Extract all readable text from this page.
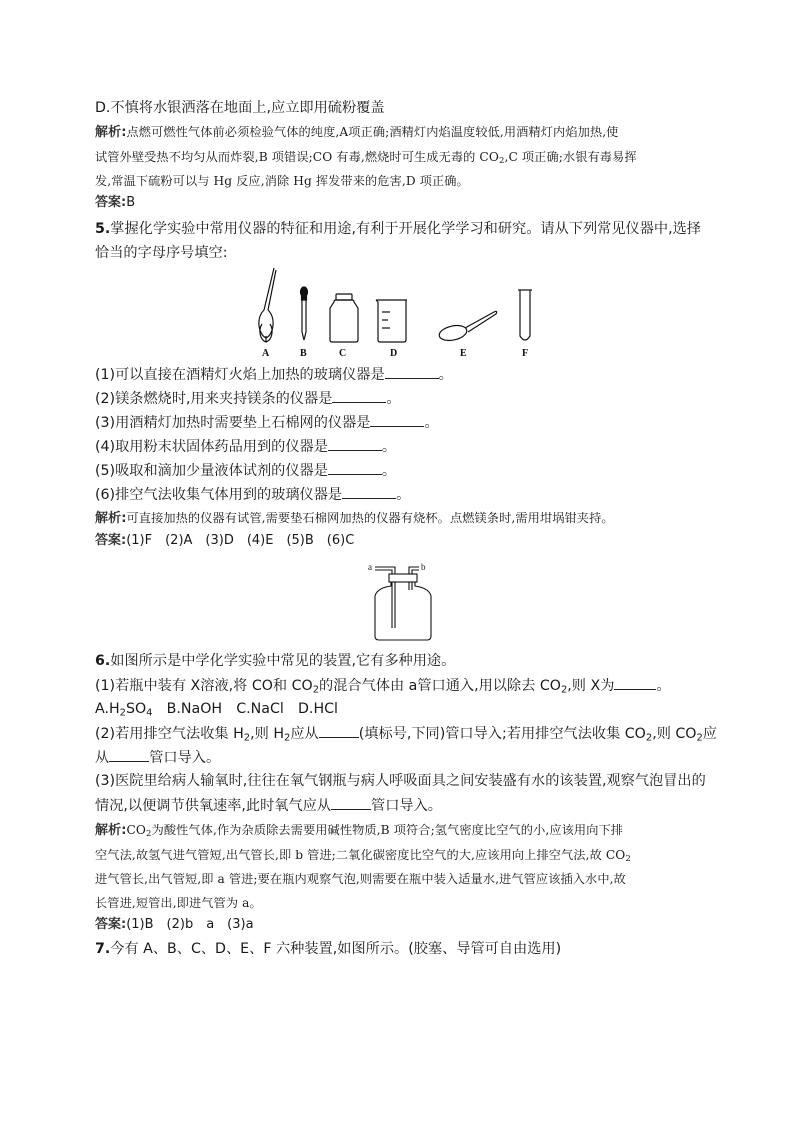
D.不慎将水银洒落在地面上,应立即用硫粉覆盖
解析:点燃可燃性气体前必须检验气体的纯度,A项正确;酒精灯内焰温度较低,用酒精灯内焰加热,使
试管外壁受热不均匀从而炸裂,B 项错误;CO 有毒,燃烧时可生成无毒的 $CO_2,C$ 项正确;水银有毒易挥
发,常温下硫粉可以与 Hg 反应,消除 Hg 挥发带来的危害,D 项正确。
答案:B
5.掌握化学实验中常用仪器的特征和用途,有利于开展化学学习和研究。请从下列常见仪器中,选择
恰当的字母序号填空:
A	B	C	D	E	F
(1)可以直接在酒精灯火焰上加热的玻璃仪器是	。
(2)镁条燃烧时,用来夹持镁条的仪器是	。
(3)用酒精灯加热时需要垫上石棉网的仪器是	。
(4)取用粉末状固体药品用到的仪器是	。
(5)吸取和滴加少量液体试剂的仪器是	。
(6)排空气法收集气体用到的玻璃仪器是	。
解析:可直接加热的仪器有试管,需要垫石棉网加热的仪器有烧杯。点燃镁条时,需用坩埚钳夹持。
答案:(1)F　(2)A　(3)D　(4)E　(5)B　(6)C
a	b
6.如图所示是中学化学实验中常见的装置,它有多种用途。
(1)若瓶中装有 X溶液,将 CO和 $CO_2$的混合气体由 a管口通入,用以除去 $CO_2$,则 X为	。
$A.H_2SO_4$　B.NaOH　C.NaCl　D.HCl
(2)若用排空气法收集 $H_2$,则 $H_2$应从	(填标号,下同)管口导入;若用排空气法收集 $CO_2$,则 $CO_2$应
从	管口导入。
(3)医院里给病人输氧时,往往在氧气钢瓶与病人呼吸面具之间安装盛有水的该装置,观察气泡冒出的
情况,以便调节供氧速率,此时氧气应从	管口导入。
解析$:CO_2$为酸性气体,作为杂质除去需要用碱性物质,B 项符合;氢气密度比空气的小,应该用向下排
空气法,故氢气进气管短,出气管长,即 b 管进;二氧化碳密度比空气的大,应该用向上排空气法,故 $CO_2$
进气管长,出气管短,即 a 管进;要在瓶内观察气泡,则需要在瓶中装入适量水,进气管应该插入水中,故
长管进,短管出,即进气管为 a。
答案:(1)B　(2)b　a　(3)a
7.今有 A、B、C、D、E、F 六种装置,如图所示。(胶塞、导管可自由选用)
